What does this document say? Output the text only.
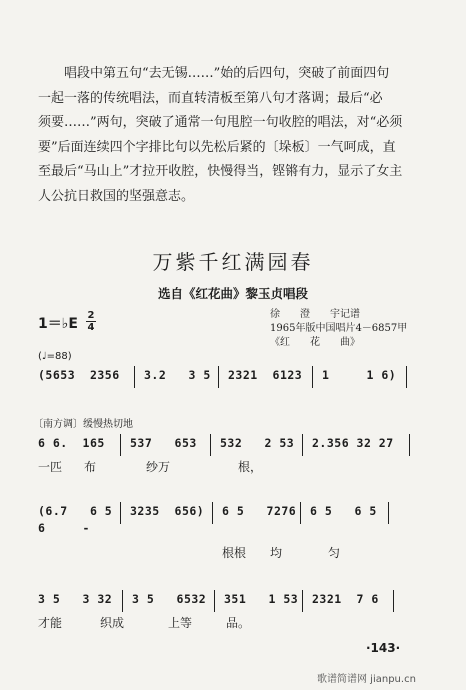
唱段中第五句“去无锡……”始的后四句，突破了前面四句

一起一落的传统唱法，而直转清板至第八句才落调；最后“必

须要……”两句，突破了通常一句甩腔一句收腔的唱法，对“必须

要”后面连续四个字排比句以先松后紧的〔垛板〕一气呵成，直

至最后“马山上”才拉开收腔，快慢得当，铿锵有力，显示了女主

人公抗日救国的坚强意志。

万紫千红满园春
选自《红花曲》黎玉贞唱段
1＝♭E
2
4
徐　　澄　　宇记谱
1965年版中国唱片4－6857甲
《红　　花　　曲》
(♩=88)
(5653  2356 3.2   3 5 2321  6123 1     1 6)
〔南方调〕缓慢热切地
6 6.  165 537   653 532   2 53 2.356 32 27
一匹 布	纱万	根，
(6.7   6 5 3235  656) 6 5   7276 6 5   6 5
6     -
根根 均	匀
3 5   3 32 3 5   6532 351   1 53 2321  7 6
才能	织成	上等	品。
·143·
歌谱简谱网 jianpu.cn
